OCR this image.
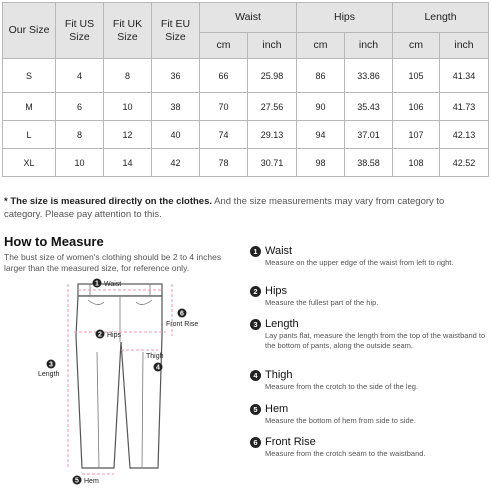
Our Size	Fit US Size	Fit UK Size	Fit EU Size	Waist		Hips		Length	
				cm	inch	cm	inch	cm	inch
S	4	8	36	66	25.98	86	33.86	105	41.34
M	6	10	38	70	27.56	90	35.43	106	41.73
L	8	12	40	74	29.13	94	37.01	107	42.13
XL	10	14	42	78	30.71	98	38.58	108	42.52
* The size is measured directly on the clothes. And the size measurements may vary from category to category. Please pay attention to this.
How to Measure
The bust size of women's clothing should be 2 to 4 inches larger than the measured size, for reference only.
1
2
3	4
5
6
Waist
Hips
Length
Thigh
Hem
Front Rise
1 Waist
Measure on the upper edge of the waist from left to right.
2 Hips
Measure the fullest part of the hip.
3 Length
Lay pants flat, measure the length from the top of the waistband to the bottom of pants, along the outside seam.
4 Thigh
Measure from the crotch to the side of the leg.
5 Hem
Measure the bottom of hem from side to side.
6 Front Rise
Measure from the crotch seam to the waistband.
